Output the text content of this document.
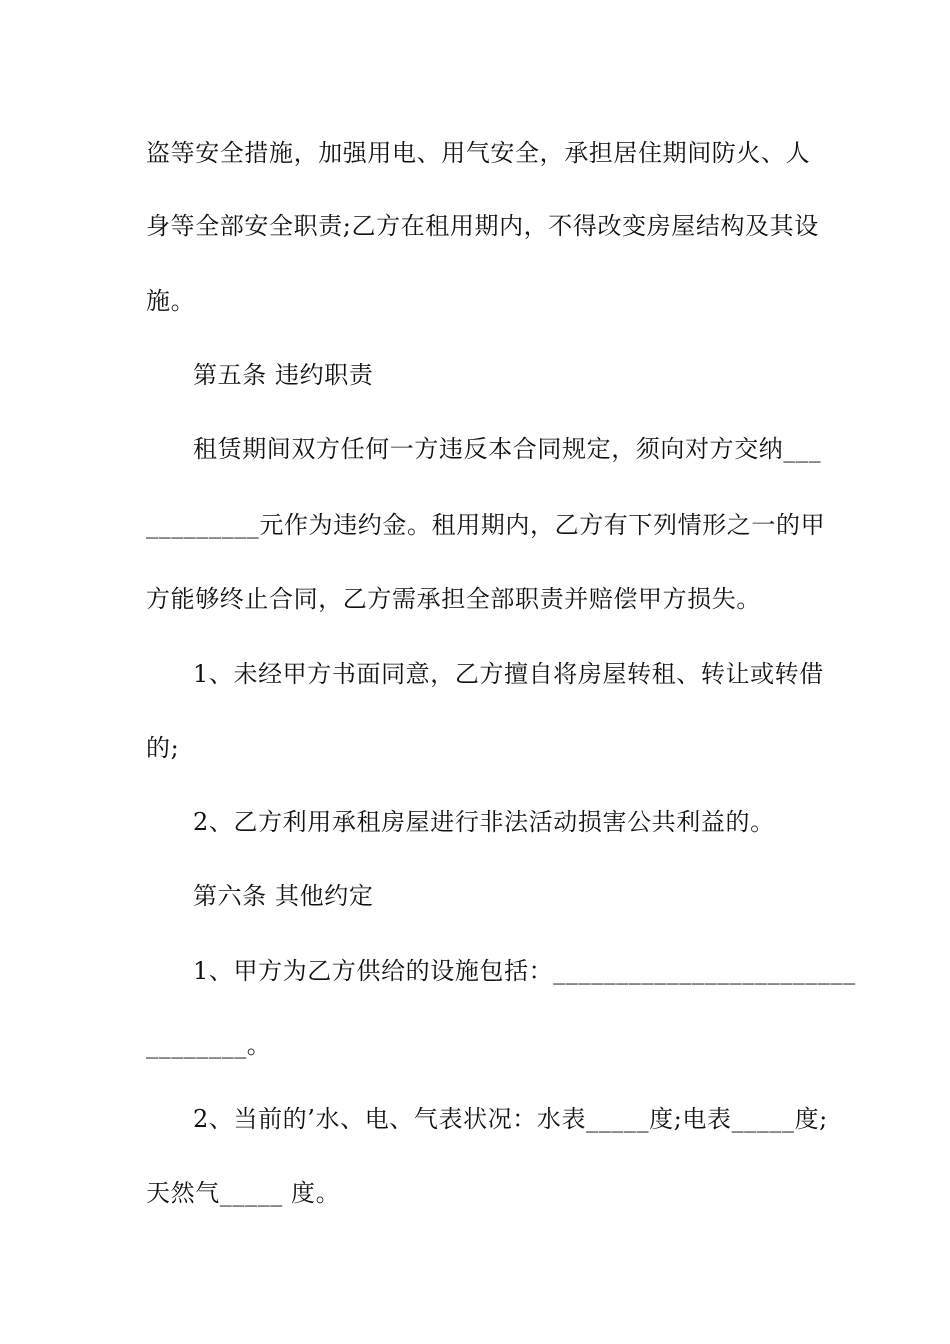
盗等安全措施，加强用电、用气安全，承担居住期间防火、人
身等全部安全职责;乙方在租用期内，不得改变房屋结构及其设
施。
第五条 违约职责
租赁期间双方任何一方违反本合同规定，须向对方交纳___
_________元作为违约金。租用期内，乙方有下列情形之一的甲
方能够终止合同，乙方需承担全部职责并赔偿甲方损失。
1、未经甲方书面同意，乙方擅自将房屋转租、转让或转借
的;
2、乙方利用承租房屋进行非法活动损害公共利益的。
第六条 其他约定
1、甲方为乙方供给的设施包括：________________________
________。
2、当前的’水、电、气表状况：水表_____度;电表_____度;
天然气_____ 度。
